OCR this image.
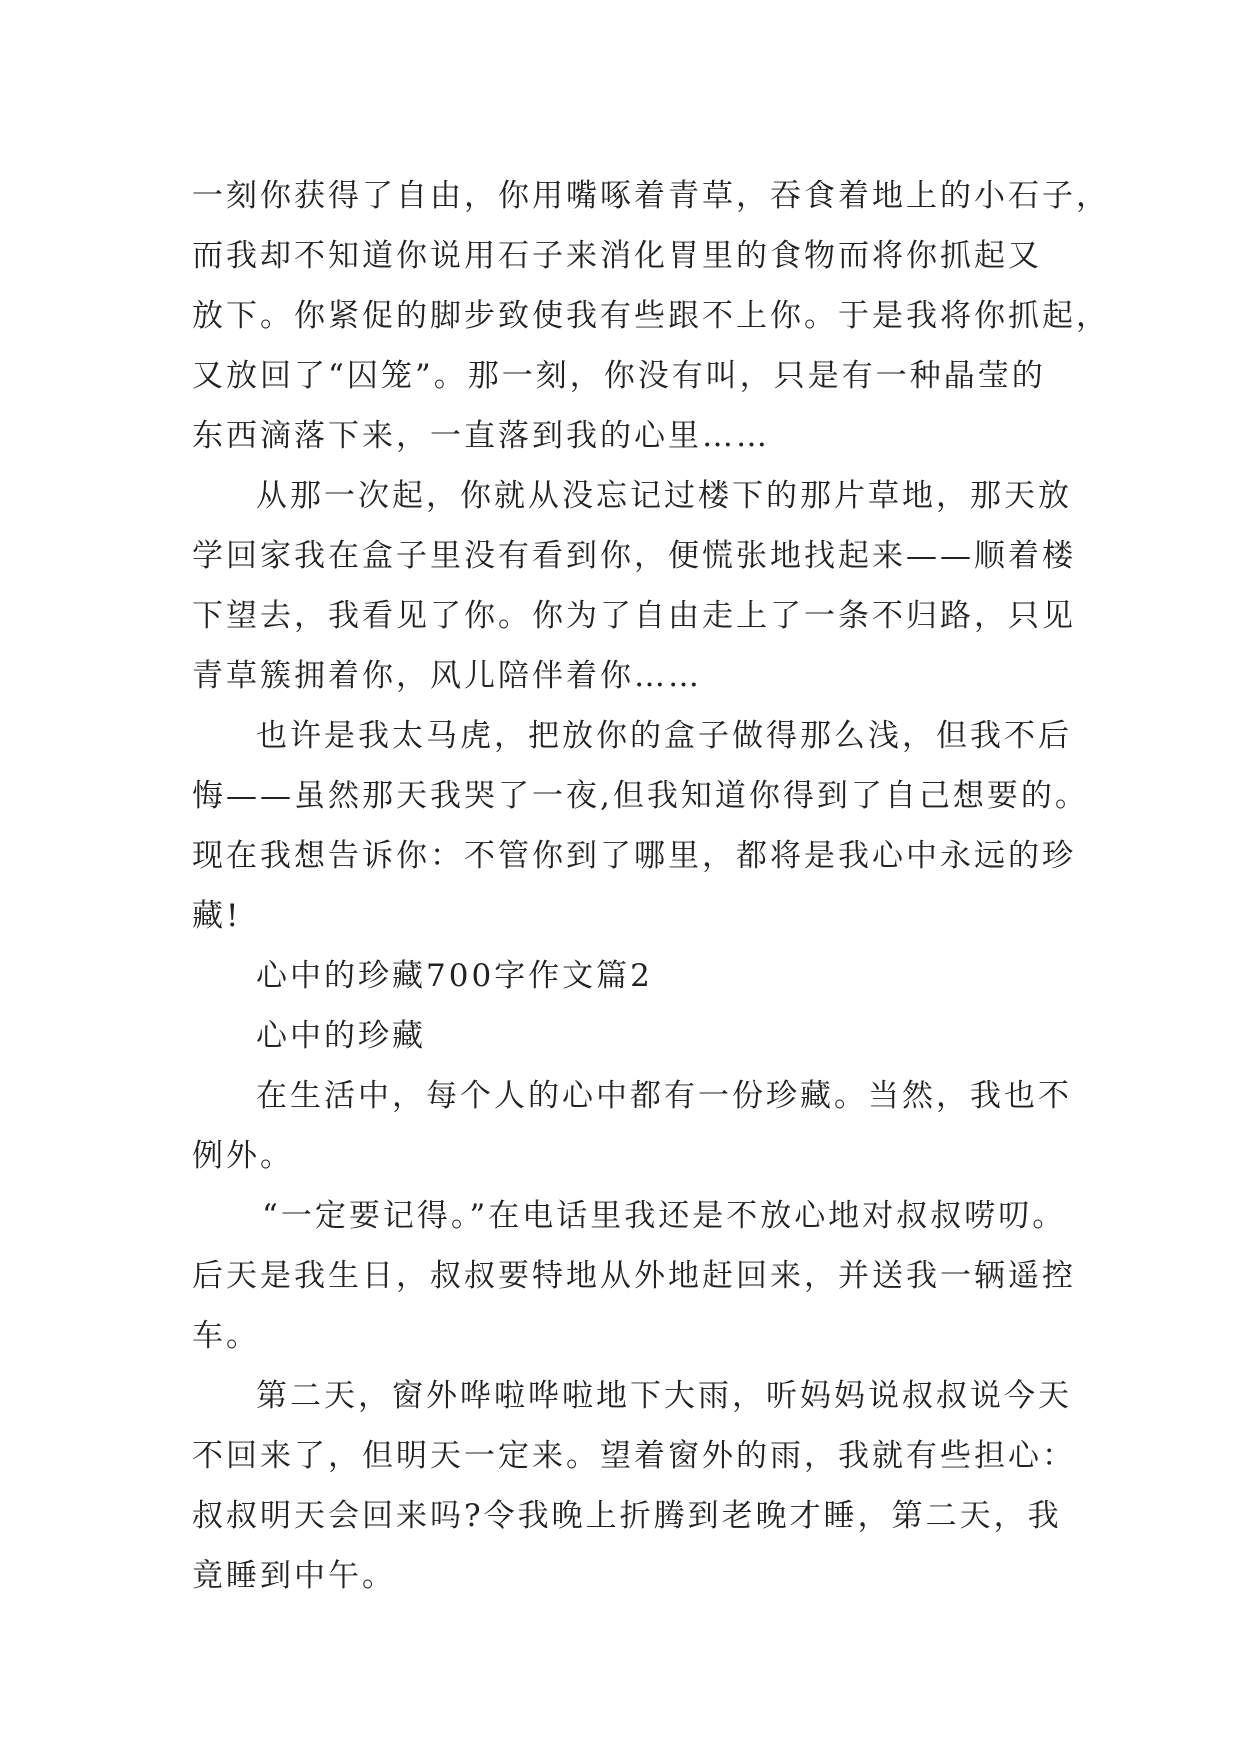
一刻你获得了自由，你用嘴啄着青草，吞食着地上的小石子，
而我却不知道你说用石子来消化胃里的食物而将你抓起又
放下。你紧促的脚步致使我有些跟不上你。于是我将你抓起，
又放回了“囚笼”。那一刻，你没有叫，只是有一种晶莹的
东西滴落下来，一直落到我的心里……
从那一次起，你就从没忘记过楼下的那片草地，那天放
学回家我在盒子里没有看到你，便慌张地找起来——顺着楼
下望去，我看见了你。你为了自由走上了一条不归路，只见
青草簇拥着你，风儿陪伴着你……
也许是我太马虎，把放你的盒子做得那么浅，但我不后
悔——虽然那天我哭了一夜,但我知道你得到了自己想要的。
现在我想告诉你：不管你到了哪里，都将是我心中永远的珍
藏!
心中的珍藏700字作文篇2
心中的珍藏
在生活中，每个人的心中都有一份珍藏。当然，我也不
例外。
“一定要记得。”在电话里我还是不放心地对叔叔唠叨。
后天是我生日，叔叔要特地从外地赶回来，并送我一辆遥控
车。
第二天，窗外哗啦哗啦地下大雨，听妈妈说叔叔说今天
不回来了，但明天一定来。望着窗外的雨，我就有些担心：
叔叔明天会回来吗?令我晚上折腾到老晚才睡，第二天，我
竟睡到中午。
